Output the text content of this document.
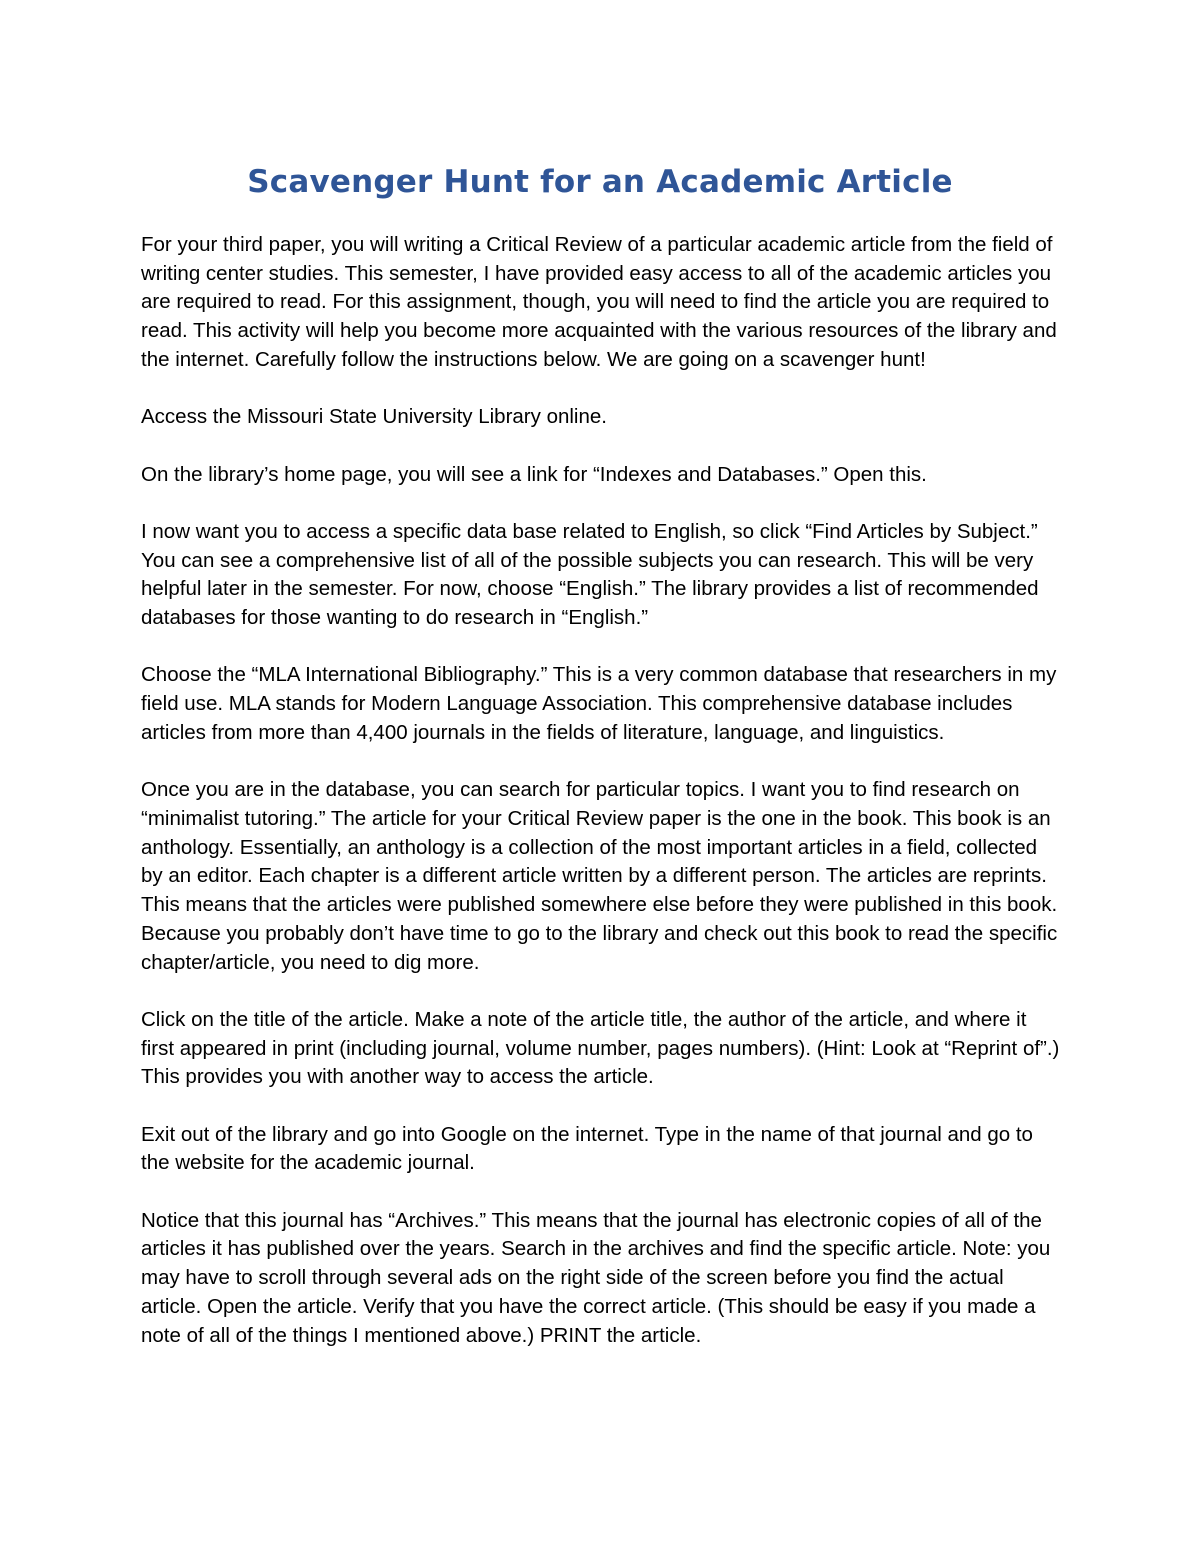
Scavenger Hunt for an Academic Article

For your third paper, you will writing a Critical Review of a particular academic article from the field of writing center studies. This semester, I have provided easy access to all of the academic articles you are required to read. For this assignment, though, you will need to find the article you are required to read. This activity will help you become more acquainted with the various resources of the library and the internet. Carefully follow the instructions below. We are going on a scavenger hunt!

Access the Missouri State University Library online.

On the library’s home page, you will see a link for “Indexes and Databases.” Open this.

I now want you to access a specific data base related to English, so click “Find Articles by Subject.” You can see a comprehensive list of all of the possible subjects you can research. This will be very helpful later in the semester. For now, choose “English.” The library provides a list of recommended databases for those wanting to do research in “English.”

Choose the “MLA International Bibliography.” This is a very common database that researchers in my field use. MLA stands for Modern Language Association. This comprehensive database includes articles from more than 4,400 journals in the fields of literature, language, and linguistics.

Once you are in the database, you can search for particular topics. I want you to find research on “minimalist tutoring.” The article for your Critical Review paper is the one in the book. This book is an anthology. Essentially, an anthology is a collection of the most important articles in a field, collected by an editor. Each chapter is a different article written by a different person. The articles are reprints. This means that the articles were published somewhere else before they were published in this book. Because you probably don’t have time to go to the library and check out this book to read the specific chapter/article, you need to dig more.

Click on the title of the article. Make a note of the article title, the author of the article, and where it first appeared in print (including journal, volume number, pages numbers). (Hint: Look at “Reprint of”.) This provides you with another way to access the article.

Exit out of the library and go into Google on the internet. Type in the name of that journal and go to the website for the academic journal.

Notice that this journal has “Archives.” This means that the journal has electronic copies of all of the articles it has published over the years. Search in the archives and find the specific article. Note: you may have to scroll through several ads on the right side of the screen before you find the actual article. Open the article. Verify that you have the correct article. (This should be easy if you made a note of all of the things I mentioned above.) PRINT the article.
